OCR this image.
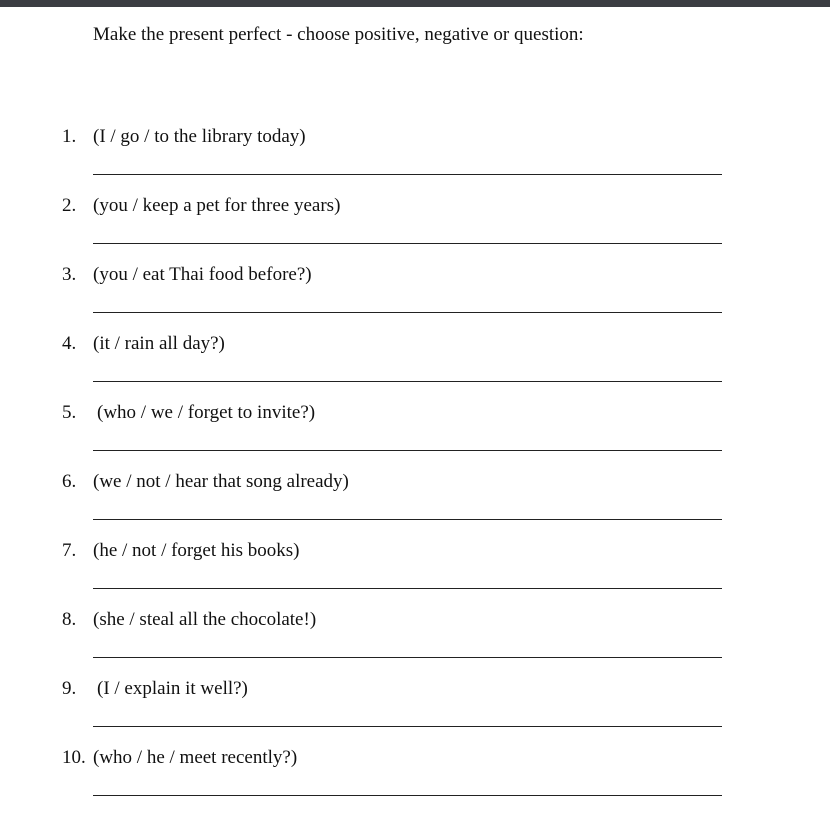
Make the present perfect - choose positive, negative or question:
1. (I / go / to the library today)
2. (you / keep a pet for three years)
3. (you / eat Thai food before?)
4. (it / rain all day?)
5. (who / we / forget to invite?)
6. (we / not / hear that song already)
7. (he / not / forget his books)
8. (she / steal all the chocolate!)
9. (I / explain it well?)
10. (who / he / meet recently?)
